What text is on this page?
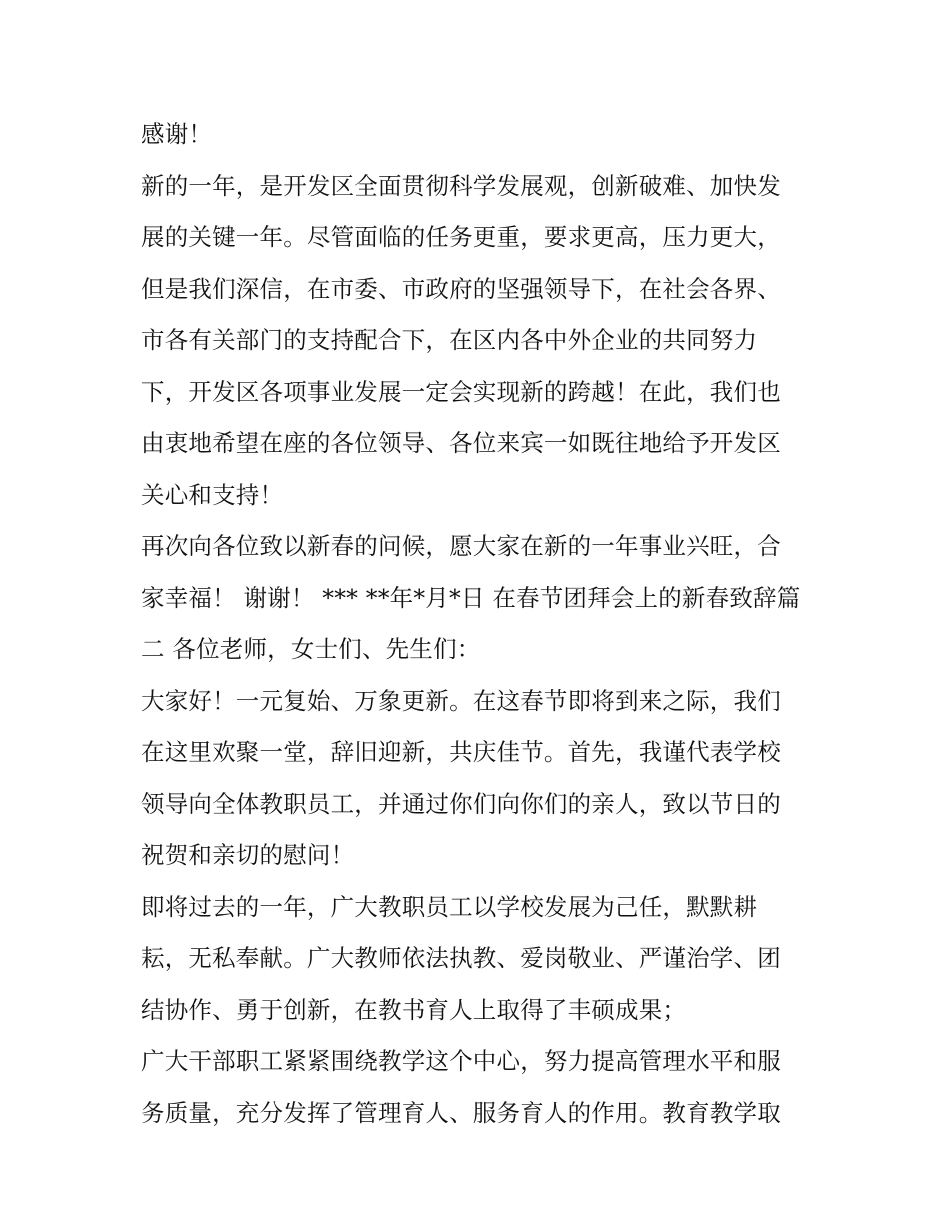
感谢！
新的一年，是开发区全面贯彻科学发展观，创新破难、加快发
展的关键一年。尽管面临的任务更重，要求更高，压力更大，
但是我们深信，在市委、市政府的坚强领导下，在社会各界、
市各有关部门的支持配合下，在区内各中外企业的共同努力
下，开发区各项事业发展一定会实现新的跨越！在此，我们也
由衷地希望在座的各位领导、各位来宾一如既往地给予开发区
关心和支持！
再次向各位致以新春的问候，愿大家在新的一年事业兴旺，合
家幸福！ 谢谢！ *** **年*月*日 在春节团拜会上的新春致辞篇
二 各位老师，女士们、先生们：
大家好！一元复始、万象更新。在这春节即将到来之际，我们
在这里欢聚一堂，辞旧迎新，共庆佳节。首先，我谨代表学校
领导向全体教职员工，并通过你们向你们的亲人，致以节日的
祝贺和亲切的慰问！
即将过去的一年，广大教职员工以学校发展为己任，默默耕
耘，无私奉献。广大教师依法执教、爱岗敬业、严谨治学、团
结协作、勇于创新，在教书育人上取得了丰硕成果；
广大干部职工紧紧围绕教学这个中心，努力提高管理水平和服
务质量，充分发挥了管理育人、服务育人的作用。教育教学取
